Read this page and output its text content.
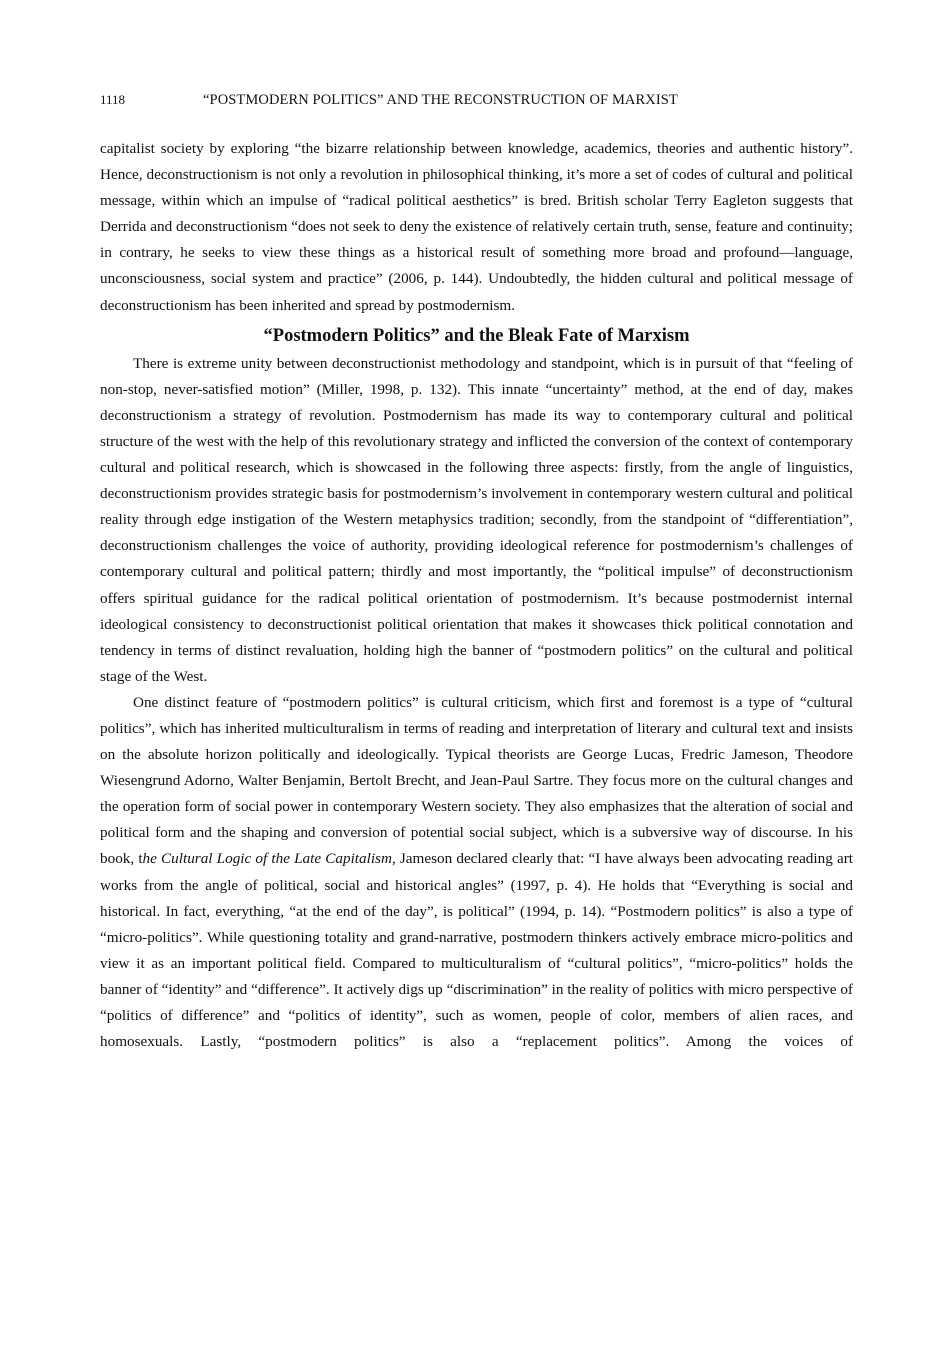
1118	“POSTMODERN POLITICS” AND THE RECONSTRUCTION OF MARXIST

capitalist society by exploring “the bizarre relationship between knowledge, academics, theories and authentic history”. Hence, deconstructionism is not only a revolution in philosophical thinking, it’s more a set of codes of cultural and political message, within which an impulse of “radical political aesthetics” is bred. British scholar Terry Eagleton suggests that Derrida and deconstructionism “does not seek to deny the existence of relatively certain truth, sense, feature and continuity; in contrary, he seeks to view these things as a historical result of something more broad and profound—language, unconsciousness, social system and practice” (2006, p. 144). Undoubtedly, the hidden cultural and political message of deconstructionism has been inherited and spread by postmodernism.

“Postmodern Politics” and the Bleak Fate of Marxism

There is extreme unity between deconstructionist methodology and standpoint, which is in pursuit of that “feeling of non-stop, never-satisfied motion” (Miller, 1998, p. 132). This innate “uncertainty” method, at the end of day, makes deconstructionism a strategy of revolution. Postmodernism has made its way to contemporary cultural and political structure of the west with the help of this revolutionary strategy and inflicted the conversion of the context of contemporary cultural and political research, which is showcased in the following three aspects: firstly, from the angle of linguistics, deconstructionism provides strategic basis for postmodernism’s involvement in contemporary western cultural and political reality through edge instigation of the Western metaphysics tradition; secondly, from the standpoint of “differentiation”, deconstructionism challenges the voice of authority, providing ideological reference for postmodernism’s challenges of contemporary cultural and political pattern; thirdly and most importantly, the “political impulse” of deconstructionism offers spiritual guidance for the radical political orientation of postmodernism. It’s because postmodernist internal ideological consistency to deconstructionist political orientation that makes it showcases thick political connotation and tendency in terms of distinct revaluation, holding high the banner of “postmodern politics” on the cultural and political stage of the West.

One distinct feature of “postmodern politics” is cultural criticism, which first and foremost is a type of “cultural politics”, which has inherited multiculturalism in terms of reading and interpretation of literary and cultural text and insists on the absolute horizon politically and ideologically. Typical theorists are George Lucas, Fredric Jameson, Theodore Wiesengrund Adorno, Walter Benjamin, Bertolt Brecht, and Jean-Paul Sartre. They focus more on the cultural changes and the operation form of social power in contemporary Western society. They also emphasizes that the alteration of social and political form and the shaping and conversion of potential social subject, which is a subversive way of discourse. In his book, the Cultural Logic of the Late Capitalism, Jameson declared clearly that: “I have always been advocating reading art works from the angle of political, social and historical angles” (1997, p. 4). He holds that “Everything is social and historical. In fact, everything, “at the end of the day”, is political” (1994, p. 14). “Postmodern politics” is also a type of “micro-politics”. While questioning totality and grand-narrative, postmodern thinkers actively embrace micro-politics and view it as an important political field. Compared to multiculturalism of “cultural politics”, “micro-politics” holds the banner of “identity” and “difference”. It actively digs up “discrimination” in the reality of politics with micro perspective of “politics of difference” and “politics of identity”, such as women, people of color, members of alien races, and homosexuals. Lastly, “postmodern politics” is also a “replacement politics”. Among the voices of
